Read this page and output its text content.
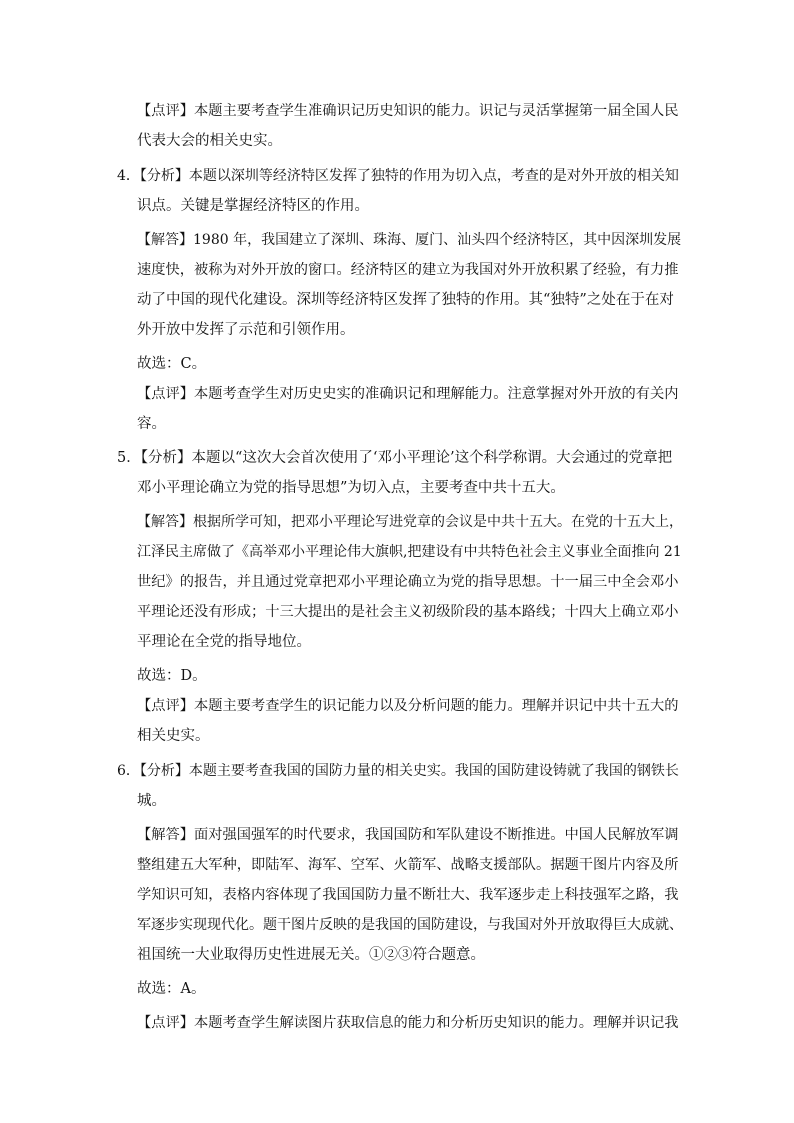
【点评】本题主要考查学生准确识记历史知识的能力。识记与灵活掌握第一届全国人民
代表大会的相关史实。
4．【分析】本题以深圳等经济特区发挥了独特的作用为切入点，考查的是对外开放的相关知
识点。关键是掌握经济特区的作用。
【解答】1980 年，我国建立了深圳、珠海、厦门、汕头四个经济特区，其中因深圳发展
速度快，被称为对外开放的窗口。经济特区的建立为我国对外开放积累了经验，有力推
动了中国的现代化建设。深圳等经济特区发挥了独特的作用。其“独特”之处在于在对
外开放中发挥了示范和引领作用。
故选：C。
【点评】本题考查学生对历史史实的准确识记和理解能力。注意掌握对外开放的有关内
容。
5．【分析】本题以“这次大会首次使用了‘邓小平理论’这个科学称谓。大会通过的党章把
邓小平理论确立为党的指导思想”为切入点，主要考查中共十五大。
【解答】根据所学可知，把邓小平理论写进党章的会议是中共十五大。在党的十五大上，
江泽民主席做了《高举邓小平理论伟大旗帜,把建设有中共特色社会主义事业全面推向 21
世纪》的报告，并且通过党章把邓小平理论确立为党的指导思想。十一届三中全会邓小
平理论还没有形成；十三大提出的是社会主义初级阶段的基本路线；十四大上确立邓小
平理论在全党的指导地位。
故选：D。
【点评】本题主要考查学生的识记能力以及分析问题的能力。理解并识记中共十五大的
相关史实。
6．【分析】本题主要考查我国的国防力量的相关史实。我国的国防建设铸就了我国的钢铁长
城。
【解答】面对强国强军的时代要求，我国国防和军队建设不断推进。中国人民解放军调
整组建五大军种，即陆军、海军、空军、火箭军、战略支援部队。据题干图片内容及所
学知识可知，表格内容体现了我国国防力量不断壮大、我军逐步走上科技强军之路，我
军逐步实现现代化。题干图片反映的是我国的国防建设，与我国对外开放取得巨大成就、
祖国统一大业取得历史性进展无关。①②③符合题意。
故选：A。
【点评】本题考查学生解读图片获取信息的能力和分析历史知识的能力。理解并识记我
